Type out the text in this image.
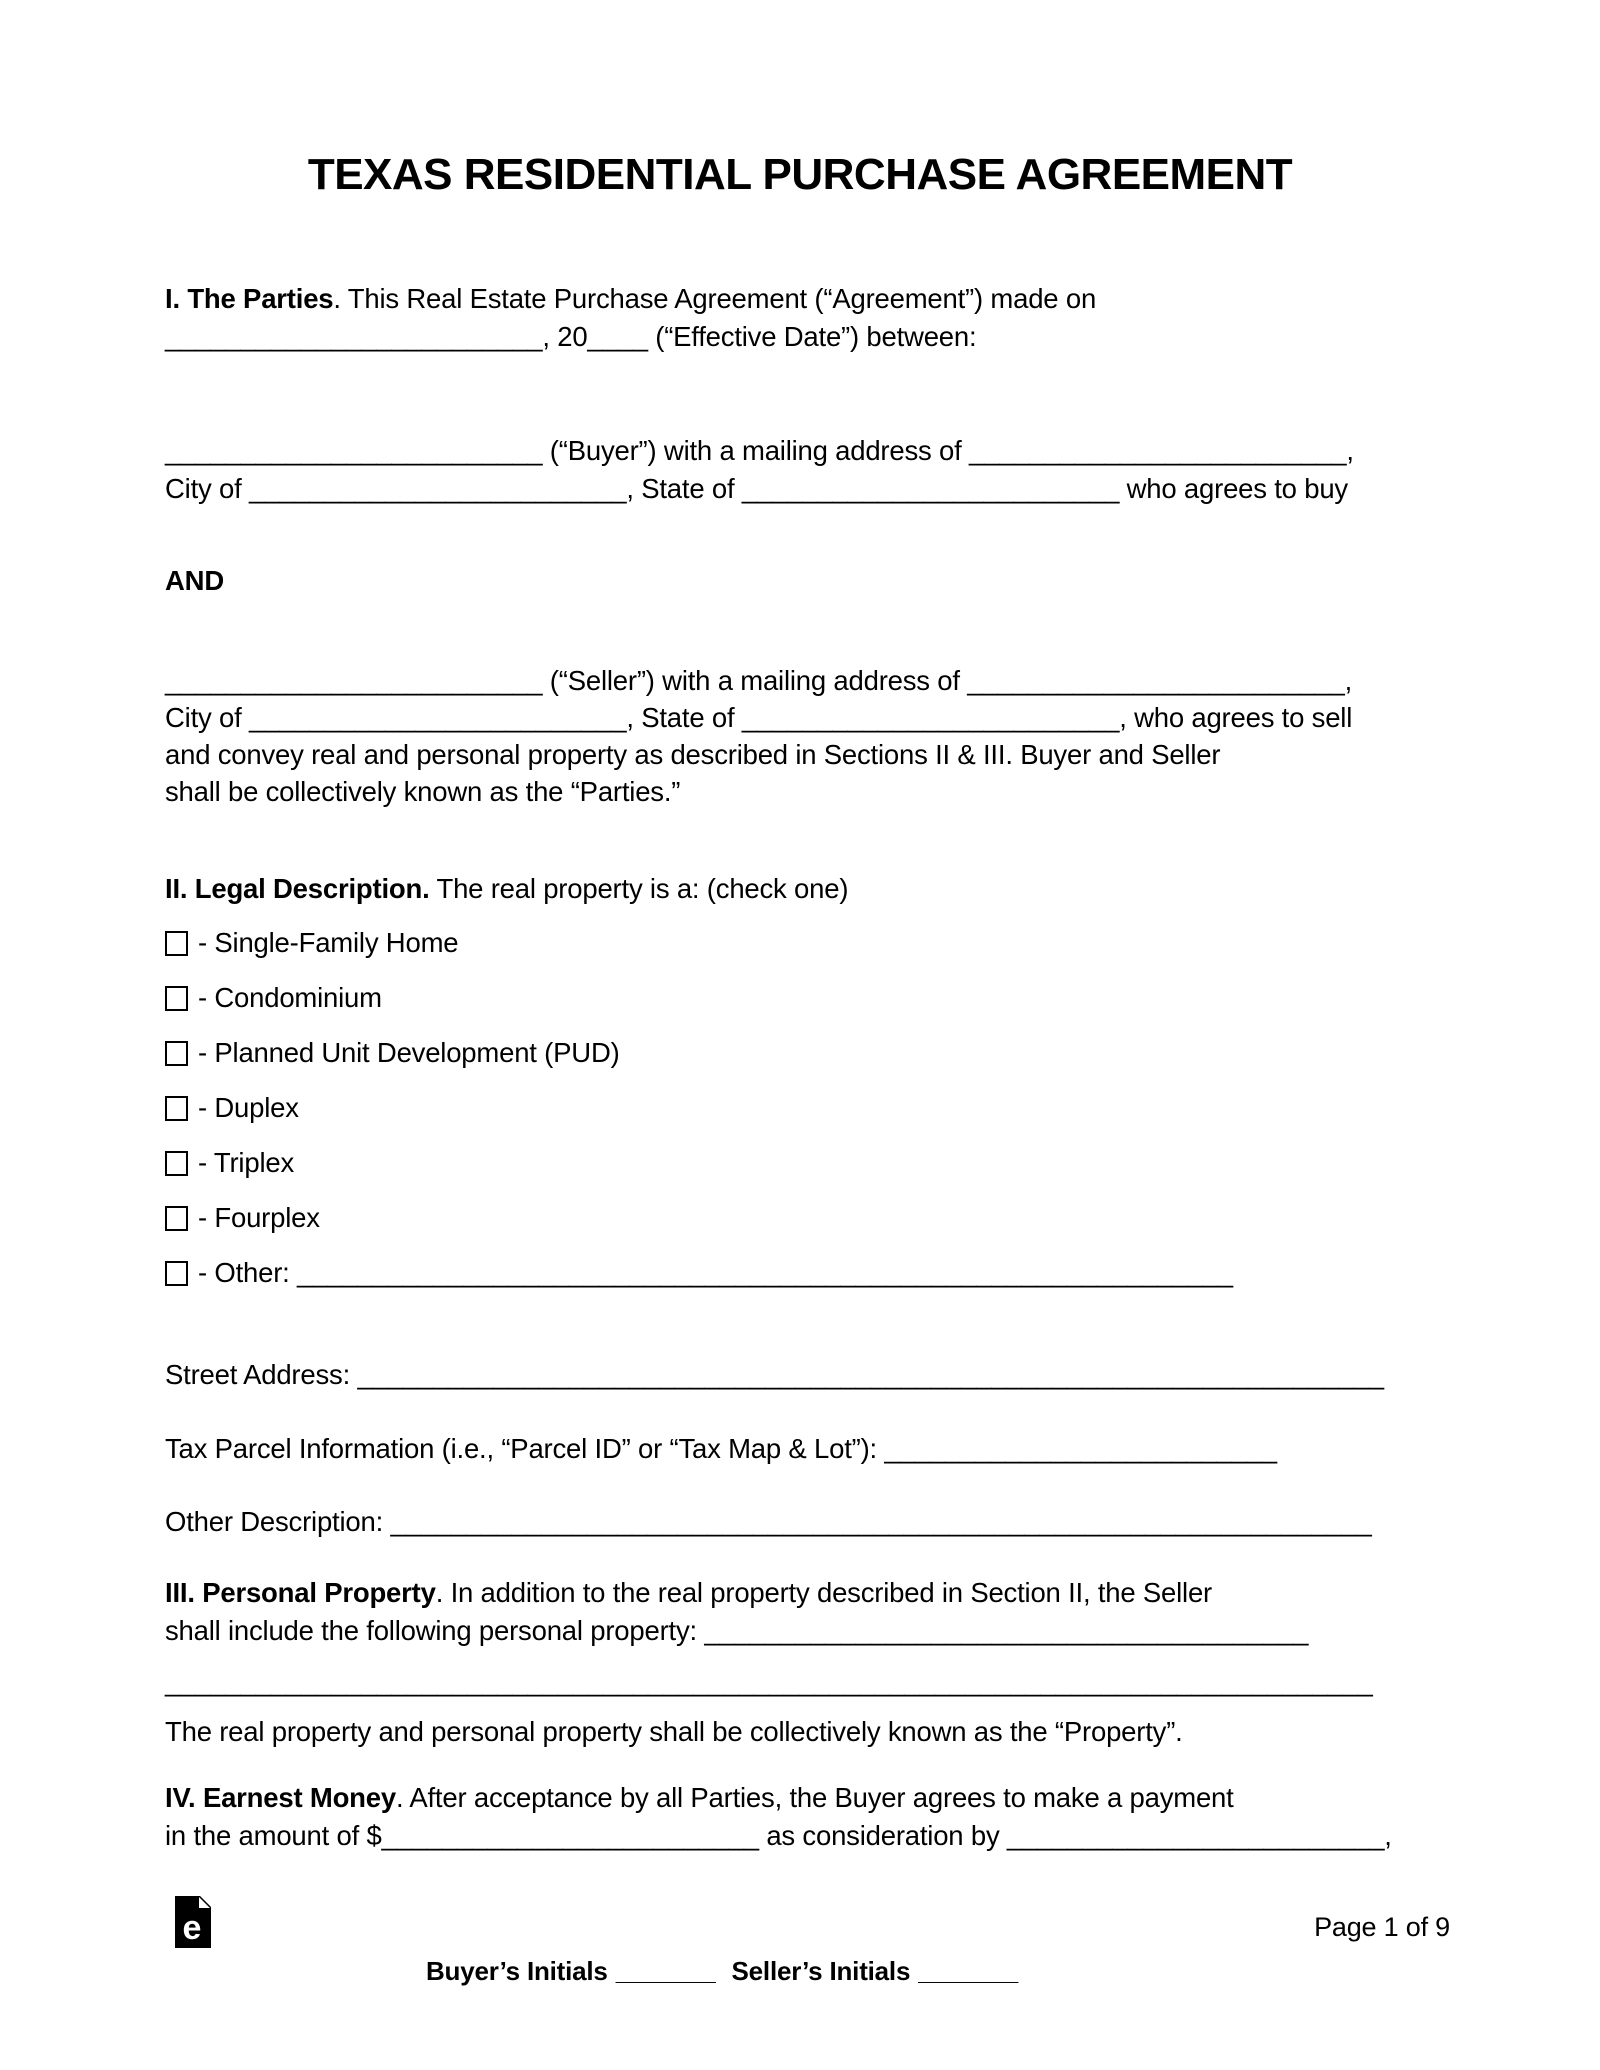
TEXAS RESIDENTIAL PURCHASE AGREEMENT
I. The Parties. This Real Estate Purchase Agreement (“Agreement”) made on
_________________________, 20____ (“Effective Date”) between:
_________________________ (“Buyer”) with a mailing address of _________________________,
City of _________________________, State of _________________________ who agrees to buy
AND
_________________________ (“Seller”) with a mailing address of _________________________,
City of _________________________, State of _________________________, who agrees to sell
and convey real and personal property as described in Sections II & III. Buyer and Seller
shall be collectively known as the “Parties.”
II. Legal Description. The real property is a: (check one)
- Single-Family Home
- Condominium
- Planned Unit Development (PUD)
- Duplex
- Triplex
- Fourplex
- Other: ______________________________________________________________
Street Address: ____________________________________________________________________
Tax Parcel Information (i.e., “Parcel ID” or “Tax Map & Lot”): __________________________
Other Description: _________________________________________________________________
III. Personal Property. In addition to the real property described in Section II, the Seller
shall include the following personal property: ________________________________________
________________________________________________________________________________
The real property and personal property shall be collectively known as the “Property”.
IV. Earnest Money. After acceptance by all Parties, the Buyer agrees to make a payment
in the amount of $_________________________ as consideration by _________________________,
e	Page 1 of 9
Buyer’s Initials _______ Seller’s Initials _______
